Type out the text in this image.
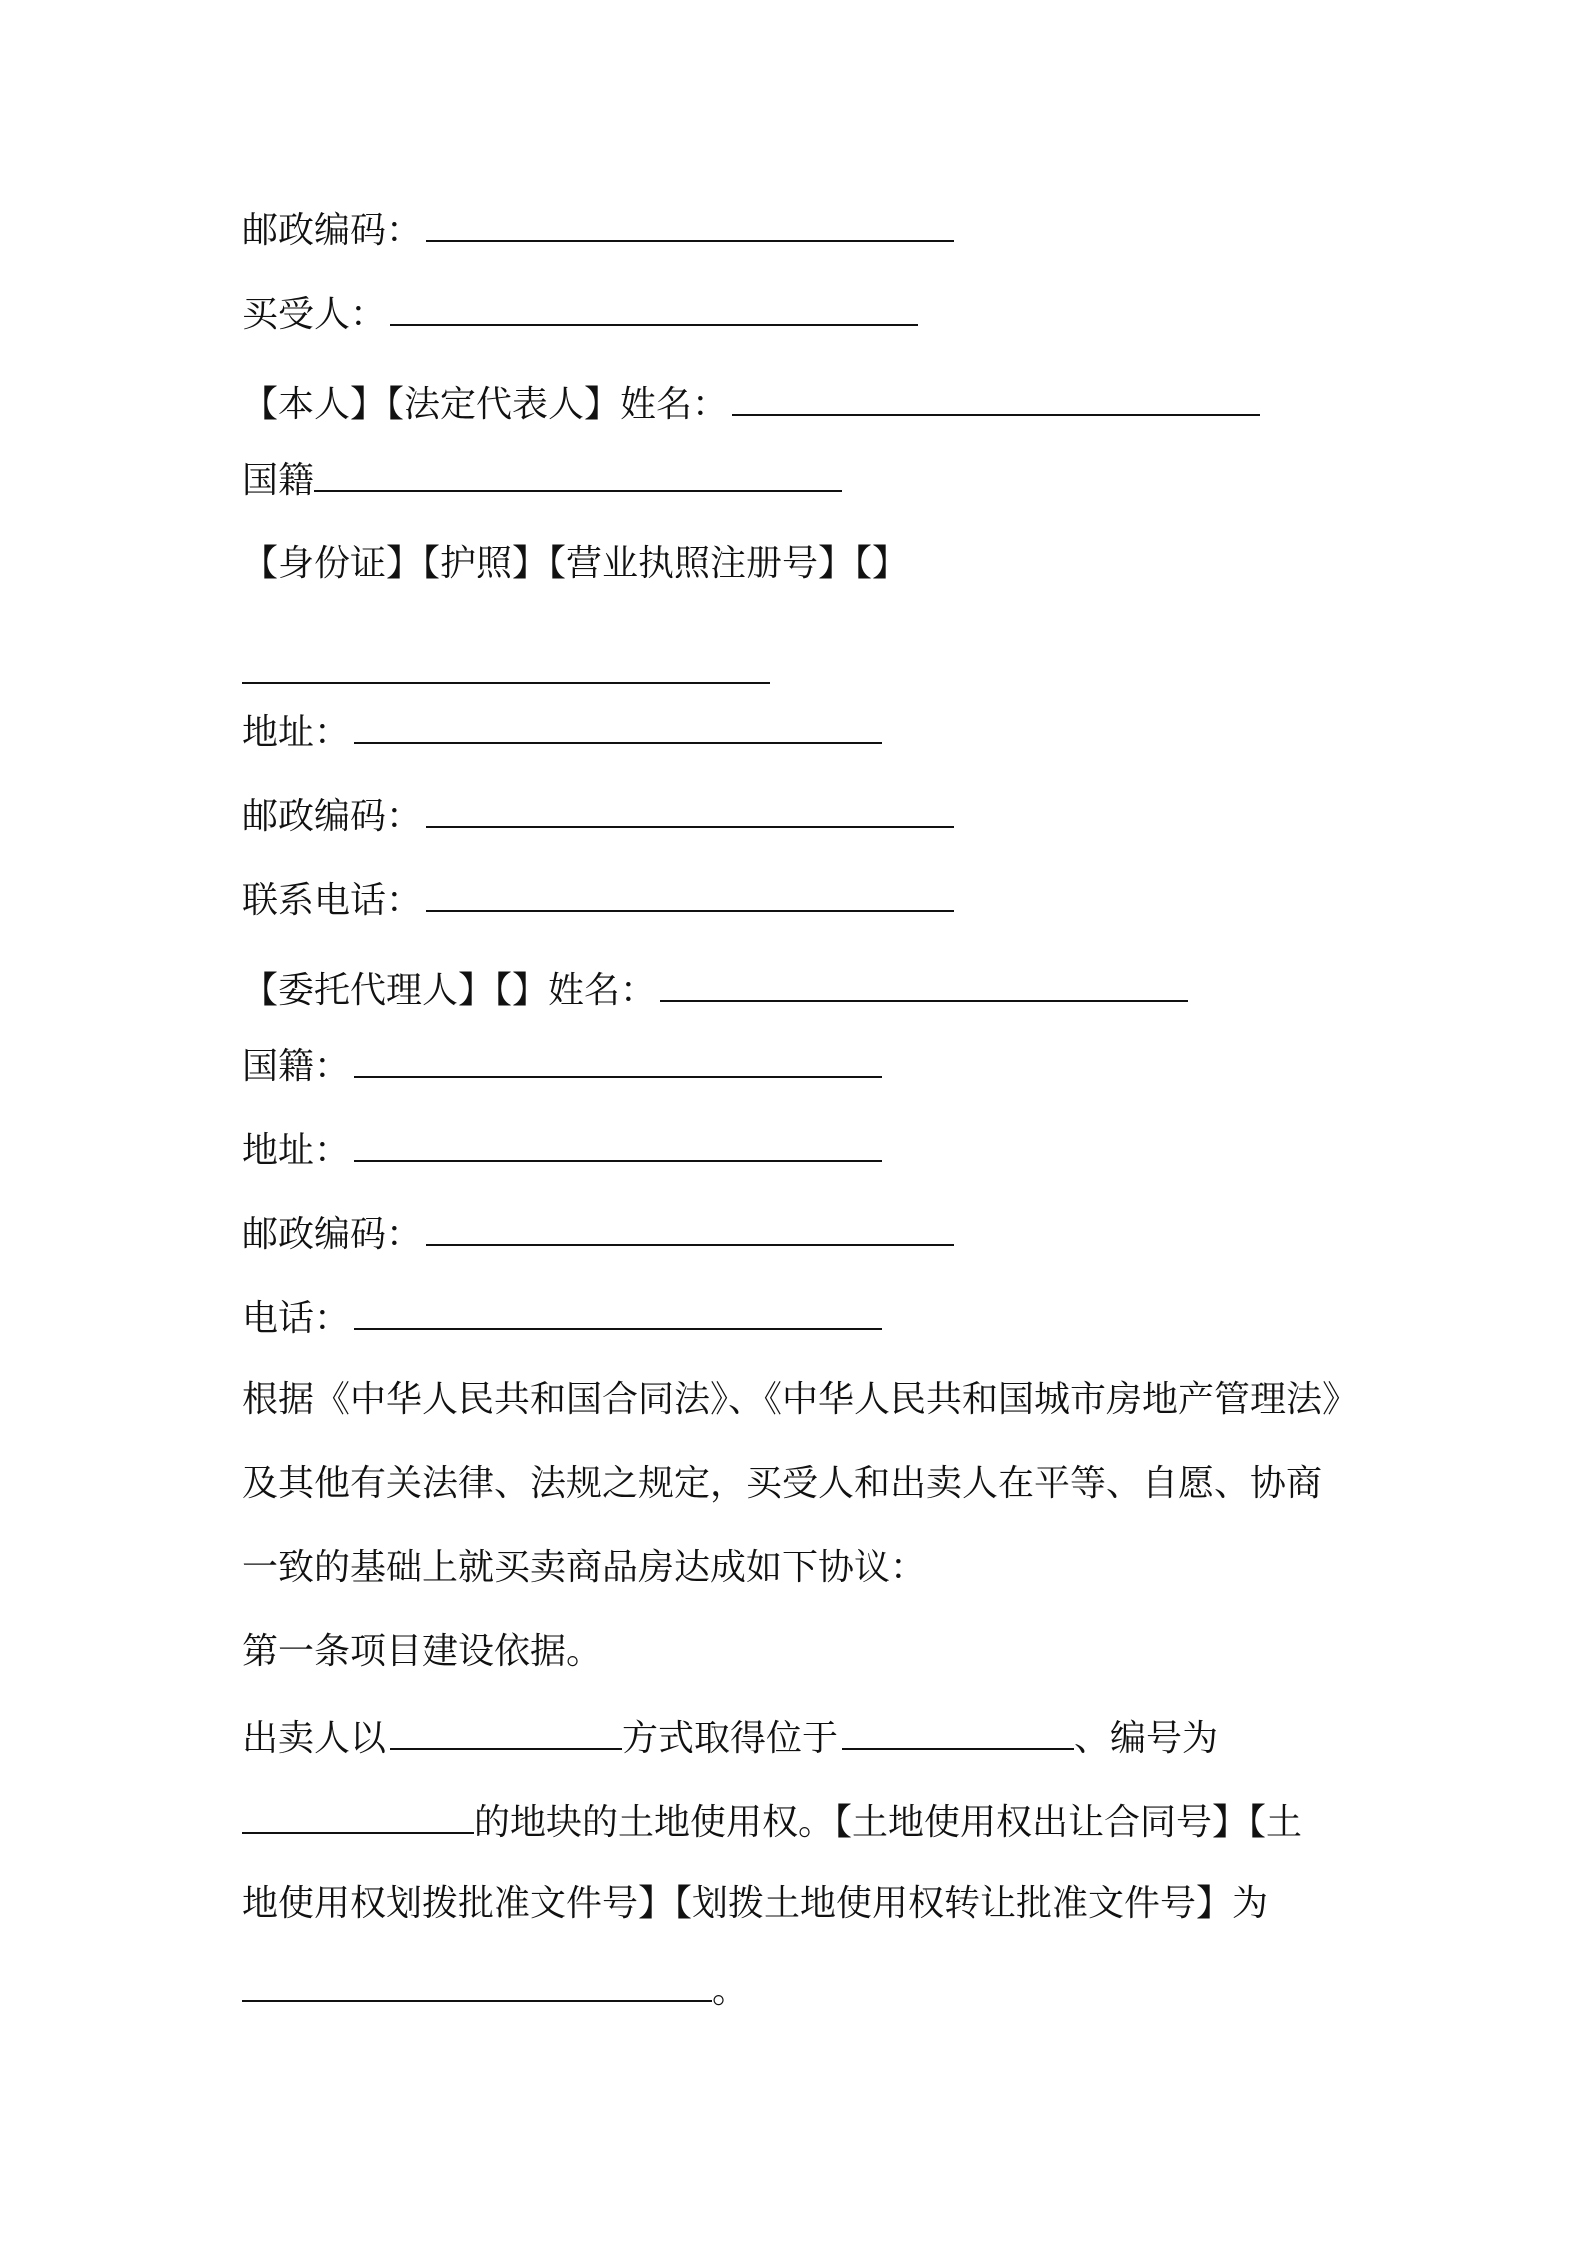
邮政编码：
买受人：
【本人】【法定代表人】姓名：
国籍
【身份证】【护照】【营业执照注册号】【】
地址：
邮政编码：
联系电话：
【委托代理人】【】姓名：
国籍：
地址：
邮政编码：
电话：
根据《中华人民共和国合同法》、《中华人民共和国城市房地产管理法》
及其他有关法律、法规之规定，买受人和出卖人在平等、自愿、协商
一致的基础上就买卖商品房达成如下协议：
第一条项目建设依据。
出卖人以	方式取得位于	、编号为
的地块的土地使用权。【土地使用权出让合同号】【土
地使用权划拨批准文件号】【划拨土地使用权转让批准文件号】为
。
